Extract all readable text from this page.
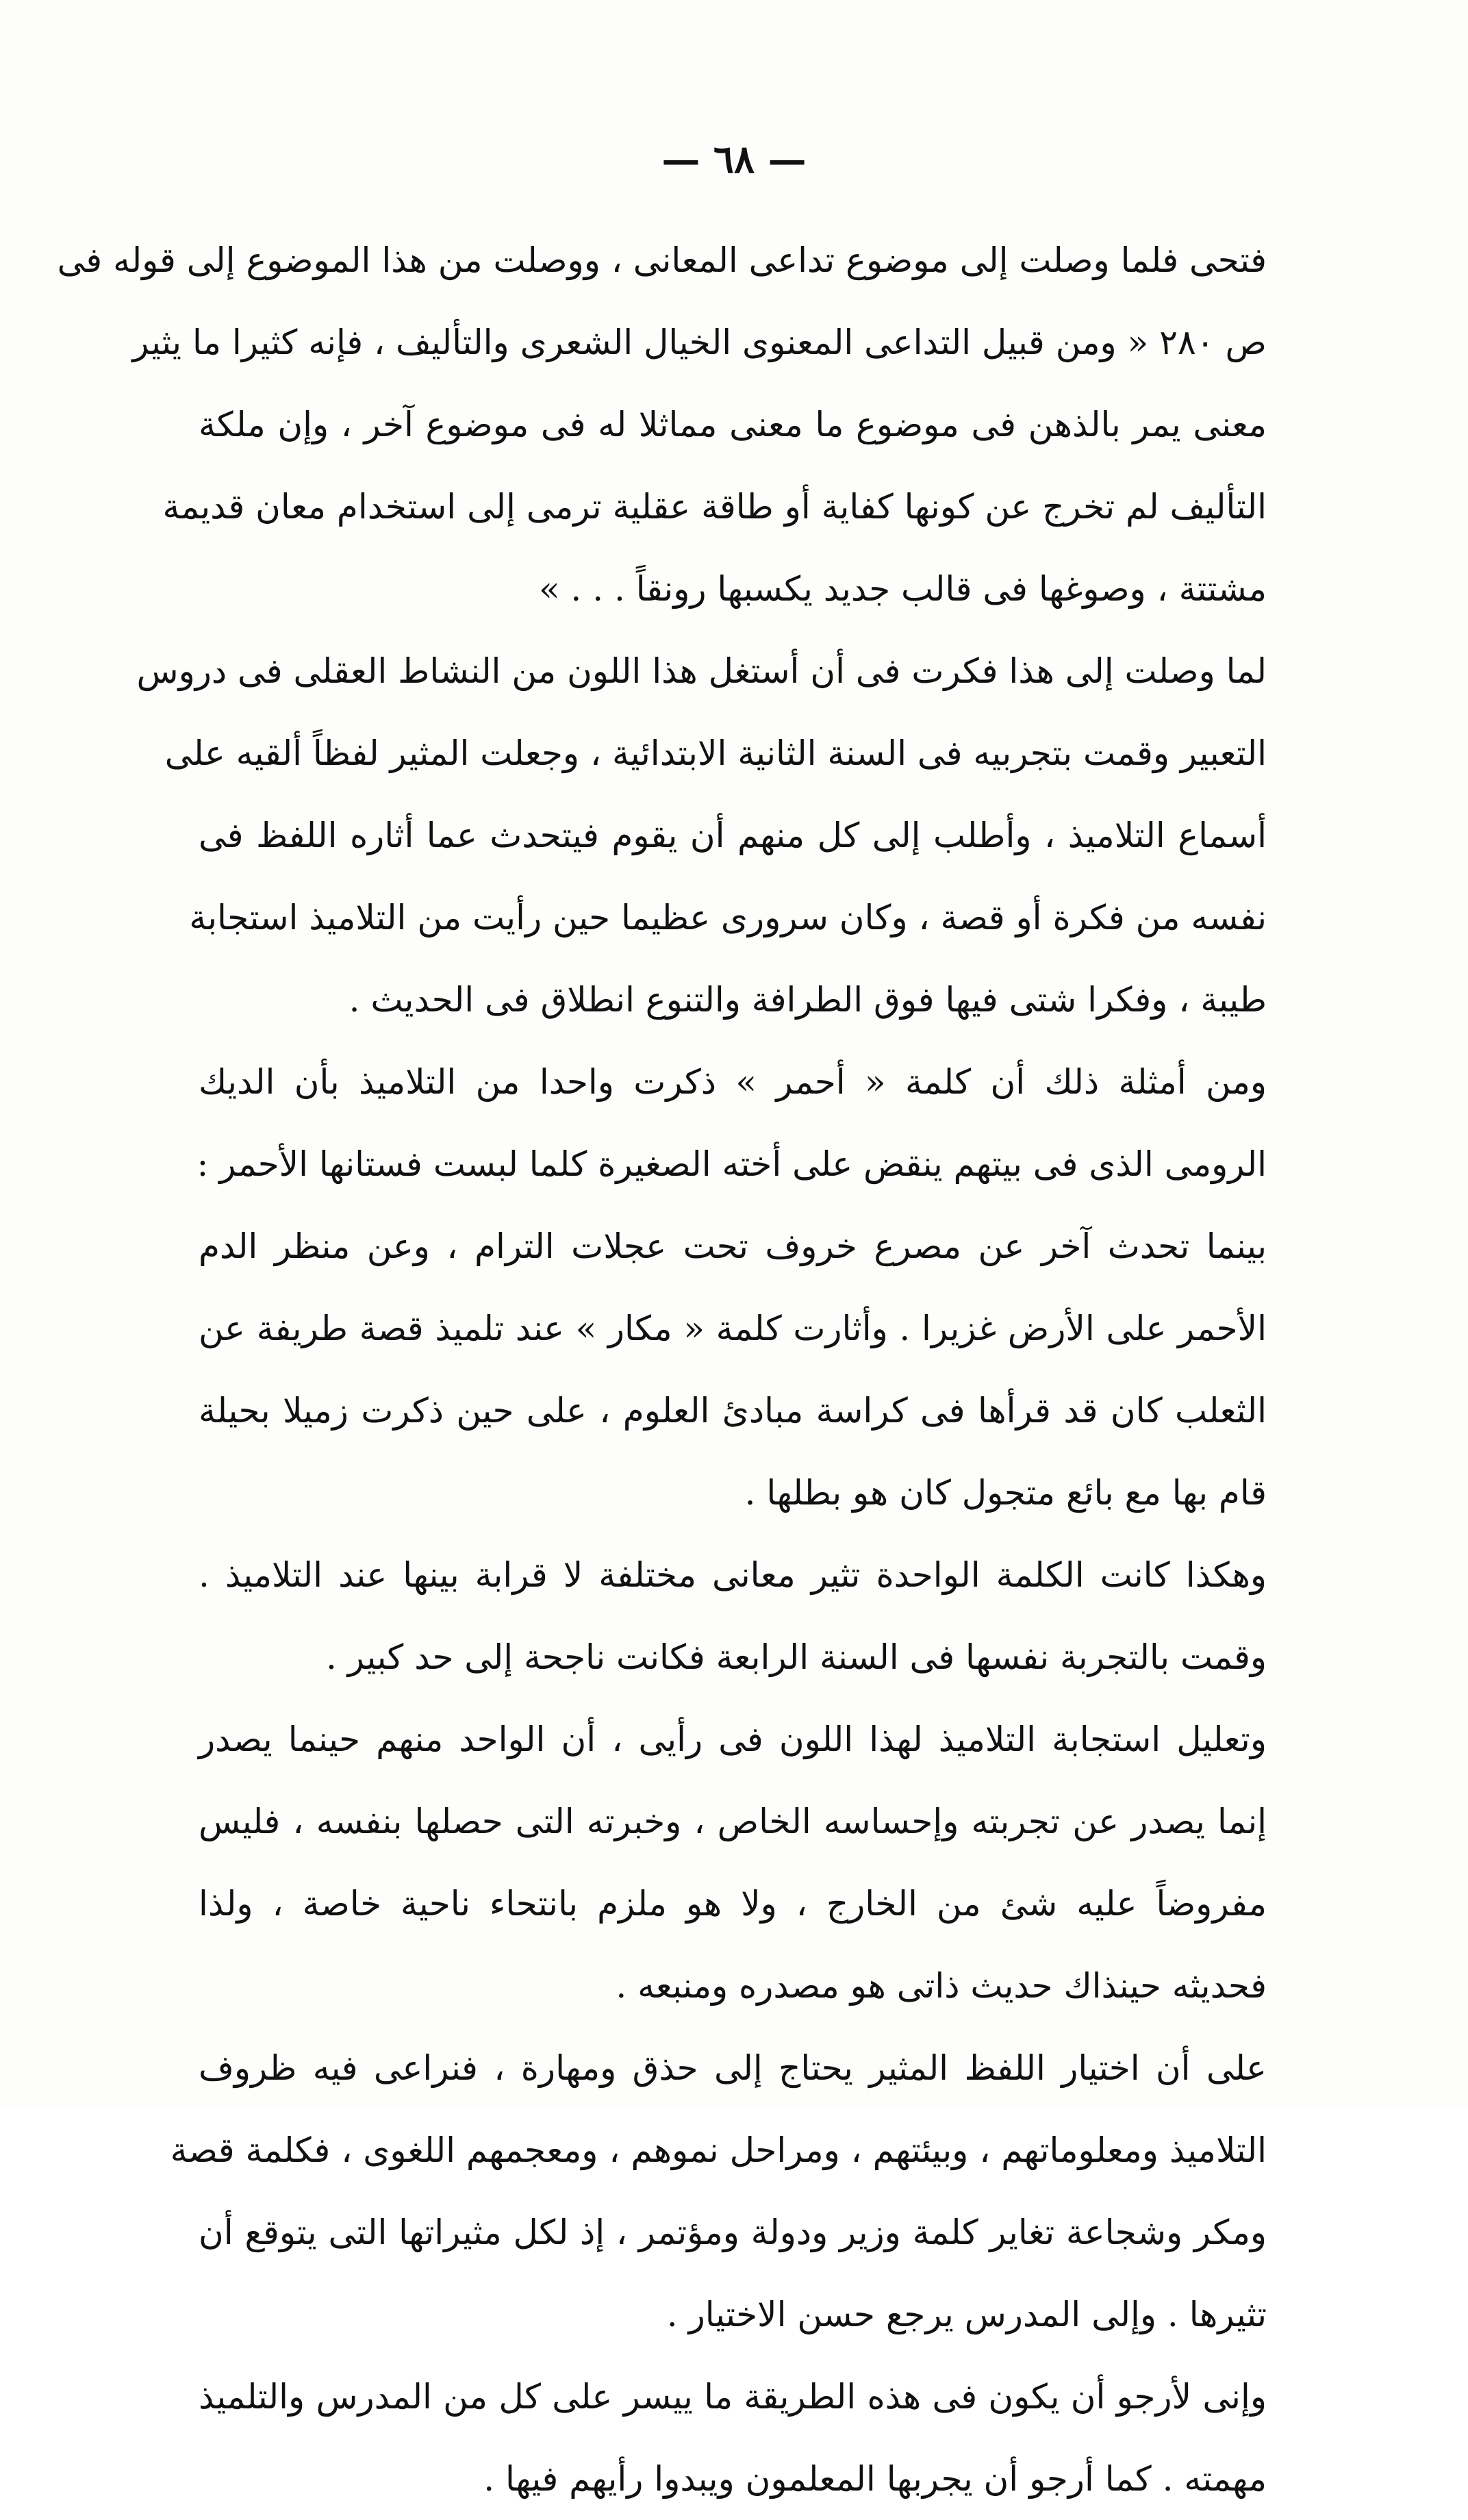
— ٦٨ —
فتحى فلما وصلت إلى موضوع تداعى المعانى ، ووصلت من هذا الموضوع إلى قوله فى
ص ٢٨٠ « ومن قبيل التداعى المعنوى الخيال الشعرى والتأليف ، فإنه كثيرا ما يثير
معنى يمر بالذهن فى موضوع ما معنى مماثلا له فى موضوع آخر ، وإن ملكة
التأليف لم تخرج عن كونها كفاية أو طاقة عقلية ترمى إلى استخدام معان قديمة
مشتتة ، وصوغها فى قالب جديد يكسبها رونقاً . . . »
لما وصلت إلى هذا فكرت فى أن أستغل هذا اللون من النشاط العقلى فى دروس
التعبير وقمت بتجربيه فى السنة الثانية الابتدائية ، وجعلت المثير لفظاً ألقيه على
أسماع التلاميذ ، وأطلب إلى كل منهم أن يقوم فيتحدث عما أثاره اللفظ فى
نفسه من فكرة أو قصة ، وكان سرورى عظيما حين رأيت من التلاميذ استجابة
طيبة ، وفكرا شتى فيها فوق الطرافة والتنوع انطلاق فى الحديث .
ومن أمثلة ذلك أن كلمة « أحمر » ذكرت واحدا من التلاميذ بأن الديك
الرومى الذى فى بيتهم ينقض على أخته الصغيرة كلما لبست فستانها الأحمر :
بينما تحدث آخر عن مصرع خروف تحت عجلات الترام ، وعن منظر الدم
الأحمر على الأرض غزيرا . وأثارت كلمة « مكار » عند تلميذ قصة طريفة عن
الثعلب كان قد قرأها فى كراسة مبادئ العلوم ، على حين ذكرت زميلا بحيلة
قام بها مع بائع متجول كان هو بطلها .
وهكذا كانت الكلمة الواحدة تثير معانى مختلفة لا قرابة بينها عند التلاميذ .
وقمت بالتجربة نفسها فى السنة الرابعة فكانت ناجحة إلى حد كبير .
وتعليل استجابة التلاميذ لهذا اللون فى رأيى ، أن الواحد منهم حينما يصدر
إنما يصدر عن تجربته وإحساسه الخاص ، وخبرته التى حصلها بنفسه ، فليس
مفروضاً عليه شئ من الخارج ، ولا هو ملزم بانتحاء ناحية خاصة ، ولذا
فحديثه حينذاك حديث ذاتى هو مصدره ومنبعه .
على أن اختيار اللفظ المثير يحتاج إلى حذق ومهارة ، فنراعى فيه ظروف
التلاميذ ومعلوماتهم ، وبيئتهم ، ومراحل نموهم ، ومعجمهم اللغوى ، فكلمة قصة
ومكر وشجاعة تغاير كلمة وزير ودولة ومؤتمر ، إذ لكل مثيراتها التى يتوقع أن
تثيرها . وإلى المدرس يرجع حسن الاختيار .
وإنى لأرجو أن يكون فى هذه الطريقة ما ييسر على كل من المدرس والتلميذ
مهمته . كما أرجو أن يجربها المعلمون ويبدوا رأيهم فيها .
